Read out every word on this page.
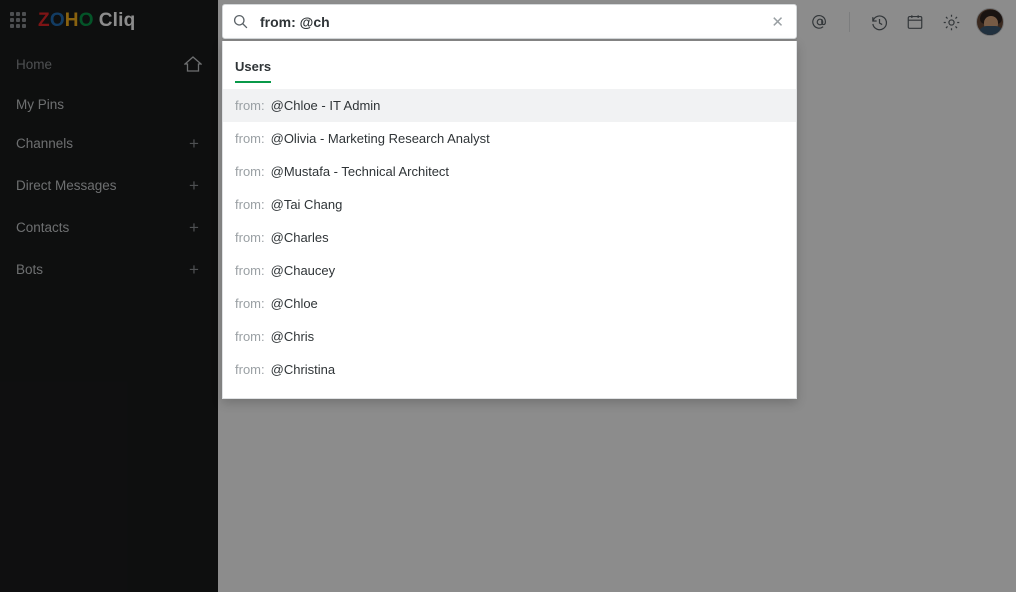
Z O H O Cliq
Home
My Pins
Channels	+
Direct Messages	+
Contacts	+
Bots	+
from: @ch
✕
Users
from: @Chloe - IT Admin
from: @Olivia - Marketing Research Analyst
from: @Mustafa - Technical Architect
from: @Tai Chang
from: @Charles
from: @Chaucey
from: @Chloe
from: @Chris
from: @Christina
